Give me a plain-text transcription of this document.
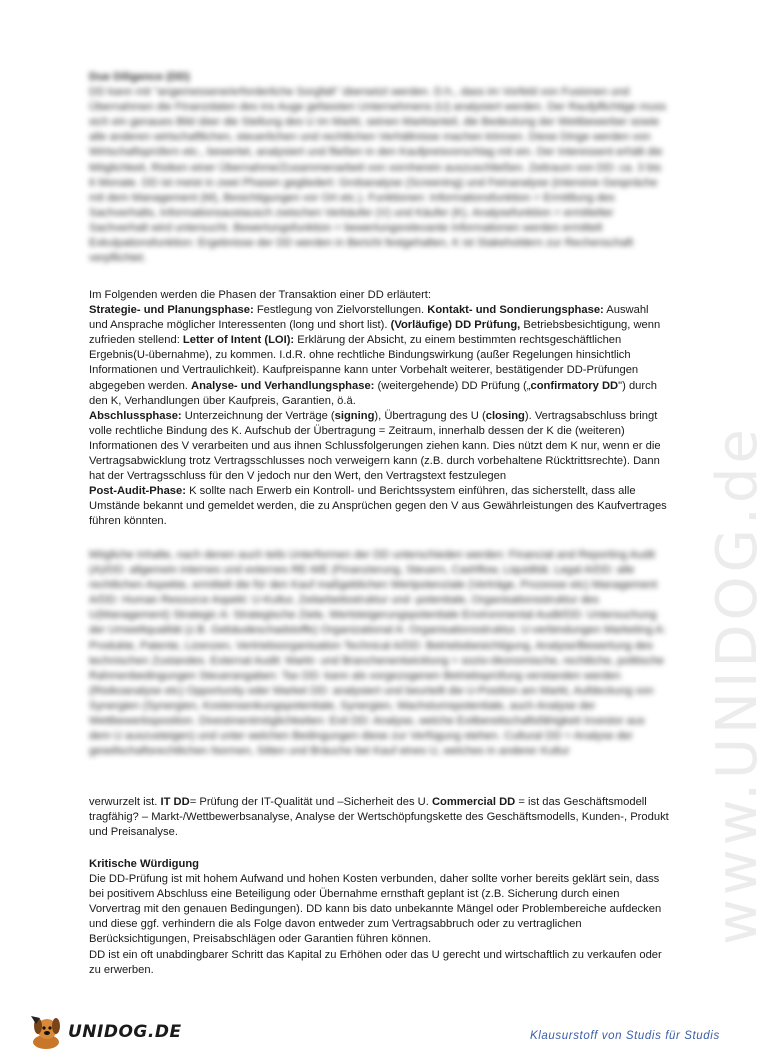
www.UNIDOG.de

Due Diligence (DD)

DD kann mit "angemessene/erforderliche Sorgfalt" übersetzt werden. D.h., dass im Vorfeld von Fusionen und Übernahmen die Finanzdaten des ins Auge gefassten Unternehmens (U) analysiert werden. Der Raufpflichtige muss sich ein genaues Bild über die Stellung des U im Markt, seinen Marktanteil, die Bedeutung der Wettbewerber sowie alle anderen wirtschaftlichen, steuerlichen und rechtlichen Verhältnisse machen können. Diese Dinge werden von Wirtschaftsprüfern etc., bewertet, analysiert und fließen in den Kaufpreisvorschlag mit ein. Der Interessent erhält die Möglichkeit, Risiken einer Übernahme/Zusammenarbeit von vornherein auszuschließen. Zeitraum von DD: ca. 3 bis 6 Monate. DD ist meist in zwei Phasen gegliedert: Grobanalyse (Screening) und Feinanalyse (intensive Gespräche mit dem Management (M), Besichtigungen vor Ort etc.). Funktionen: Informationsfunktion = Ermittlung des Sachverhalts, Informationsaustausch zwischen Verkäufer (V) und Käufer (K). Analysefunktion = ermittelter Sachverhalt wird untersucht. Bewertungsfunktion = bewertungsrelevante Informationen werden ermittelt Exkulpationsfunktion: Ergebnisse der DD werden in Bericht festgehalten, K ist Stakeholdern zur Rechenschaft verpflichtet.

Im Folgenden werden die Phasen der Transaktion einer DD erläutert:

Strategie- und Planungsphase: Festlegung von Zielvorstellungen. Kontakt- und Sondierungsphase: Auswahl und Ansprache möglicher Interessenten (long und short list). (Vorläufige) DD Prüfung, Betriebsbesichtigung, wenn zufrieden stellend: Letter of Intent (LOI): Erklärung der Absicht, zu einem bestimmten rechtsgeschäftlichen Ergebnis(U-übernahme), zu kommen. I.d.R. ohne rechtliche Bindungswirkung (außer Regelungen hinsichtlich Informationen und Vertraulichkeit). Kaufpreispanne kann unter Vorbehalt weiterer, bestätigender DD-Prüfungen abgegeben werden. Analyse- und Verhandlungsphase: (weitergehende) DD Prüfung („confirmatory DD") durch den K, Verhandlungen über Kaufpreis, Garantien, ö.ä.
Abschlussphase: Unterzeichnung der Verträge (signing), Übertragung des U (closing). Vertragsabschluss bringt volle rechtliche Bindung des K. Aufschub der Übertragung = Zeitraum, innerhalb dessen der K die (weiteren) Informationen des V verarbeiten und aus ihnen Schlussfolgerungen ziehen kann. Dies nützt dem K nur, wenn er die Vertragsabwicklung trotz Vertragsschlusses noch verweigern kann (z.B. durch vorbehaltene Rücktrittsrechte). Dann hat der Vertragsschluss für den V jedoch nur den Wert, den Vertragstext festzulegen
Post-Audit-Phase: K sollte nach Erwerb ein Kontroll- und Berichtssystem einführen, das sicherstellt, dass alle Umstände bekannt und gemeldet werden, die zu Ansprüchen gegen den V aus Gewährleistungen des Kaufvertrages führen könnten.

Mögliche Inhalte, nach denen auch teils Unterformen der DD unterschieden werden: Financial and Reporting Audit (A)/DD: allgemein internes und externes RE-WE (Finanzierung, Steuern, Cashflow, Liquidität. Legal A/DD: alle rechtlichen Aspekte, ermittelt die für den Kauf maßgeblichen Wertpotenziale (Verträge, Prozesse etc) Management A/DD: Human Resource Aspekt: U-Kultur, Zeitarbeitsstruktur und -potentiale, Organisationsstruktur des U(Management) Strategic A: Strategische Ziele, Wertsteigerungspotentiale Environmental Audit/DD: Untersuchung der Umweltqualität (z.B. Gebäudeschadstoffe) Organizational A: Organisationsstruktur, U-verbindungen Marketing A: Produkte, Patente, Lizenzen, Vertriebsorganisation Technical A/DD: Betriebsbesichtigung, Analyse/Bewertung des technischen Zustandes. External Audit: Markt- und Branchenentwicklung = sozio-ökonomische, rechtliche, politische Rahmenbedingungen Steuerangaben: Tax DD: kann als vorgezogenen Betriebsprüfung verstanden werden (Risikoanalyse etc) Opportunity oder Market DD: analysiert und beurteilt die U-Position am Markt, Aufdeckung von Synergien (Synergien, Kostensenkungspotentiale, Synergien, Wachstumspotentiale, auch Analyse der Wettbewerbsposition. Divestmentmöglichkeiten: Exit DD: Analyse, welche Exitbereitschaftsfähigkeit Investor aus dem U auszusteigen) und unter welchen Bedingungen diese zur Verfügung stehen. Cultural DD = Analyse der gesellschaftsrechtlichen Normen, Sitten und Bräuche bei Kauf eines U, welches in anderer Kultur

verwurzelt ist. IT DD= Prüfung der IT-Qualität und –Sicherheit des U. Commercial DD = ist das Geschäftsmodell tragfähig? – Markt-/Wettbewerbsanalyse, Analyse der Wertschöpfungskette des Geschäftsmodells, Kunden-, Produkt und Preisanalyse.

Kritische Würdigung

Die DD-Prüfung ist mit hohem Aufwand und hohen Kosten verbunden, daher sollte vorher bereits geklärt sein, dass bei positivem Abschluss eine Beteiligung oder Übernahme ernsthaft geplant ist (z.B. Sicherung durch einen Vorvertrag mit den genauen Bedingungen). DD kann bis dato unbekannte Mängel oder Problembereiche aufdecken und diese ggf. verhindern die als Folge davon entweder zum Vertragsabbruch oder zu vertraglichen Berücksichtigungen, Preisabschlägen oder Garantien führen können.

DD ist ein oft unabdingbarer Schritt das Kapital zu Erhöhen oder das U gerecht und wirtschaftlich zu verkaufen oder zu erwerben.

UNIDOG.DE	Klausurstoff von Studis für Studis
